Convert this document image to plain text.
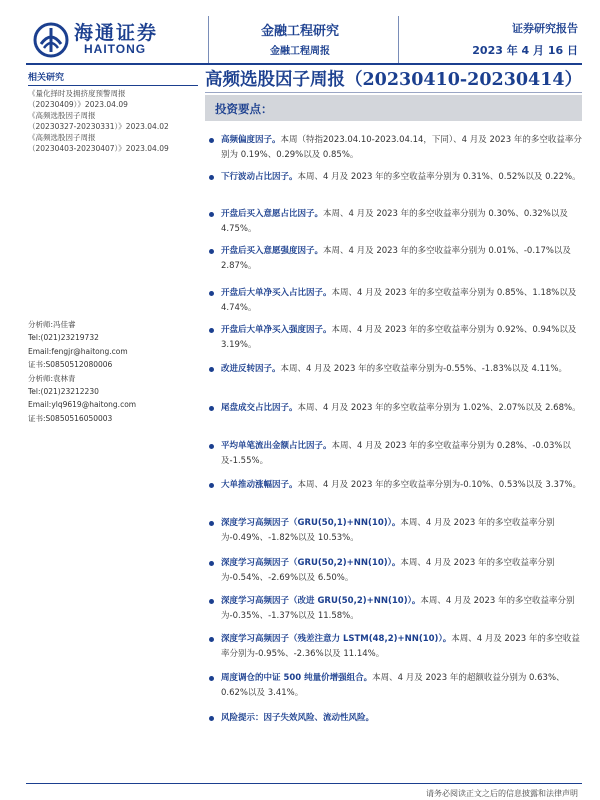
海通证券
HAITONG
金融工程研究
金融工程周报
证券研究报告
2023 年 4 月 16 日
高频选股因子周报（20230410-20230414）
投资要点：
相关研究
《量化择时及拥挤度预警周报
（20230409）》2023.04.09
《高频选股因子周报
（20230327-20230331）》2023.04.02
《高频选股因子周报
（20230403-20230407）》2023.04.09
分析师:冯佳睿
Tel:(021)23219732
Email:fengjr@haitong.com
证书:S0850512080006
分析师:袁林青
Tel:(021)23212230
Email:ylq9619@haitong.com
证书:S0850516050003
高频偏度因子。本周（特指2023.04.10-2023.04.14，下同）、4 月及 2023 年的多空收益率分别为 0.19%、0.29%以及 0.85%。
下行波动占比因子。本周、4 月及 2023 年的多空收益率分别为 0.31%、0.52%以及 0.22%。
开盘后买入意愿占比因子。本周、4 月及 2023 年的多空收益率分别为 0.30%、0.32%以及 4.75%。
开盘后买入意愿强度因子。本周、4 月及 2023 年的多空收益率分别为 0.01%、-0.17%以及 2.87%。
开盘后大单净买入占比因子。本周、4 月及 2023 年的多空收益率分别为 0.85%、1.18%以及 4.74%。
开盘后大单净买入强度因子。本周、4 月及 2023 年的多空收益率分别为 0.92%、0.94%以及 3.19%。
改进反转因子。本周、4 月及 2023 年的多空收益率分别为-0.55%、-1.83%以及 4.11%。
尾盘成交占比因子。本周、4 月及 2023 年的多空收益率分别为 1.02%、2.07%以及 2.68%。
平均单笔流出金额占比因子。本周、4 月及 2023 年的多空收益率分别为 0.28%、-0.03%以及-1.55%。
大单推动涨幅因子。本周、4 月及 2023 年的多空收益率分别为-0.10%、0.53%以及 3.37%。
深度学习高频因子（GRU(50,1)+NN(10)）。本周、4 月及 2023 年的多空收益率分别为-0.49%、-1.82%以及 10.53%。
深度学习高频因子（GRU(50,2)+NN(10)）。本周、4 月及 2023 年的多空收益率分别为-0.54%、-2.69%以及 6.50%。
深度学习高频因子（改进 GRU(50,2)+NN(10)）。本周、4 月及 2023 年的多空收益率分别为-0.35%、-1.37%以及 11.58%。
深度学习高频因子（残差注意力 LSTM(48,2)+NN(10)）。本周、4 月及 2023 年的多空收益率分别为-0.95%、-2.36%以及 11.14%。
周度调仓的中证 500 纯量价增强组合。本周、4 月及 2023 年的超额收益分别为 0.63%、0.62%以及 3.41%。
风险提示：因子失效风险、流动性风险。
请务必阅读正文之后的信息披露和法律声明
